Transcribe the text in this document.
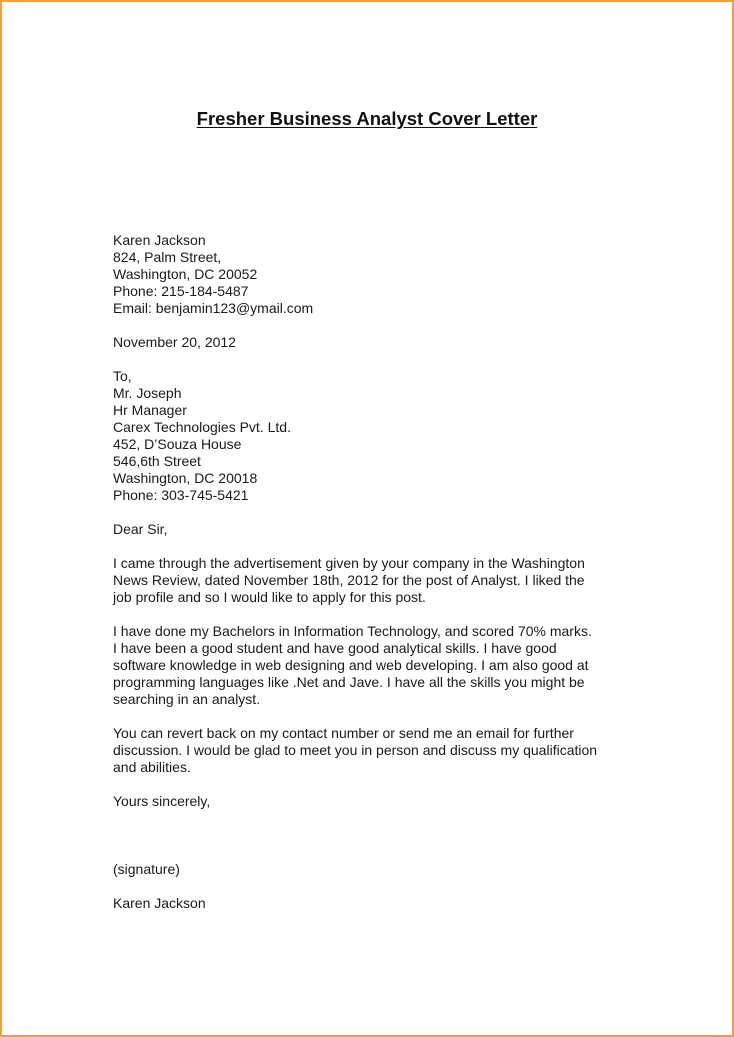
Fresher Business Analyst Cover Letter
Karen Jackson
824, Palm Street,
Washington, DC 20052
Phone: 215-184-5487
Email: benjamin123@ymail.com
November 20, 2012
To,
Mr. Joseph
Hr Manager
Carex Technologies Pvt. Ltd.
452, D’Souza House
546,6th Street
Washington, DC 20018
Phone: 303-745-5421
Dear Sir,
I came through the advertisement given by your company in the Washington
News Review, dated November 18th, 2012 for the post of Analyst. I liked the
job profile and so I would like to apply for this post.
I have done my Bachelors in Information Technology, and scored 70% marks.
I have been a good student and have good analytical skills. I have good
software knowledge in web designing and web developing. I am also good at
programming languages like .Net and Jave. I have all the skills you might be
searching in an analyst.
You can revert back on my contact number or send me an email for further
discussion. I would be glad to meet you in person and discuss my qualification
and abilities.
Yours sincerely,
(signature)
Karen Jackson
